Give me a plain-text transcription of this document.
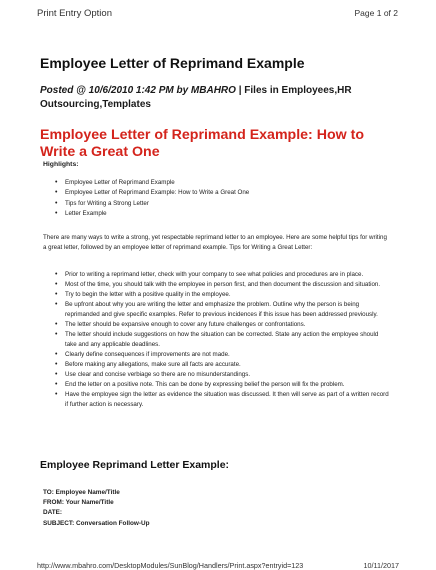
Print Entry Option	Page 1 of 2
Employee Letter of Reprimand Example
Posted @ 10/6/2010 1:42 PM by MBAHRO | Files in Employees,HR Outsourcing,Templates
Employee Letter of Reprimand Example: How to Write a Great One
Highlights:
• Employee Letter of Reprimand Example
• Employee Letter of Reprimand Example: How to Write a Great One
• Tips for Writing a Strong Letter
• Letter Example

There are many ways to write a strong, yet respectable reprimand letter to an employee. Here are some helpful tips for writing a great letter, followed by an employee letter of reprimand example. Tips for Writing a Great Letter:

• Prior to writing a reprimand letter, check with your company to see what policies and procedures are in place.
• Most of the time, you should talk with the employee in person first, and then document the discussion and situation.
• Try to begin the letter with a positive quality in the employee.
• Be upfront about why you are writing the letter and emphasize the problem. Outline why the person is being reprimanded and give specific examples. Refer to previous incidences if this issue has been addressed previously.
• The letter should be expansive enough to cover any future challenges or confrontations.
• The letter should include suggestions on how the situation can be corrected. State any action the employee should take and any applicable deadlines.
• Clearly define consequences if improvements are not made.
• Before making any allegations, make sure all facts are accurate.
• Use clear and concise verbiage so there are no misunderstandings.
• End the letter on a positive note. This can be done by expressing belief the person will fix the problem.
• Have the employee sign the letter as evidence the situation was discussed. It then will serve as part of a written record if further action is necessary.
Employee Reprimand Letter Example:
TO: Employee Name/Title
FROM: Your Name/Title
DATE:
SUBJECT: Conversation Follow-Up
http://www.mbahro.com/DesktopModules/SunBlog/Handlers/Print.aspx?entryid=123	10/11/2017
